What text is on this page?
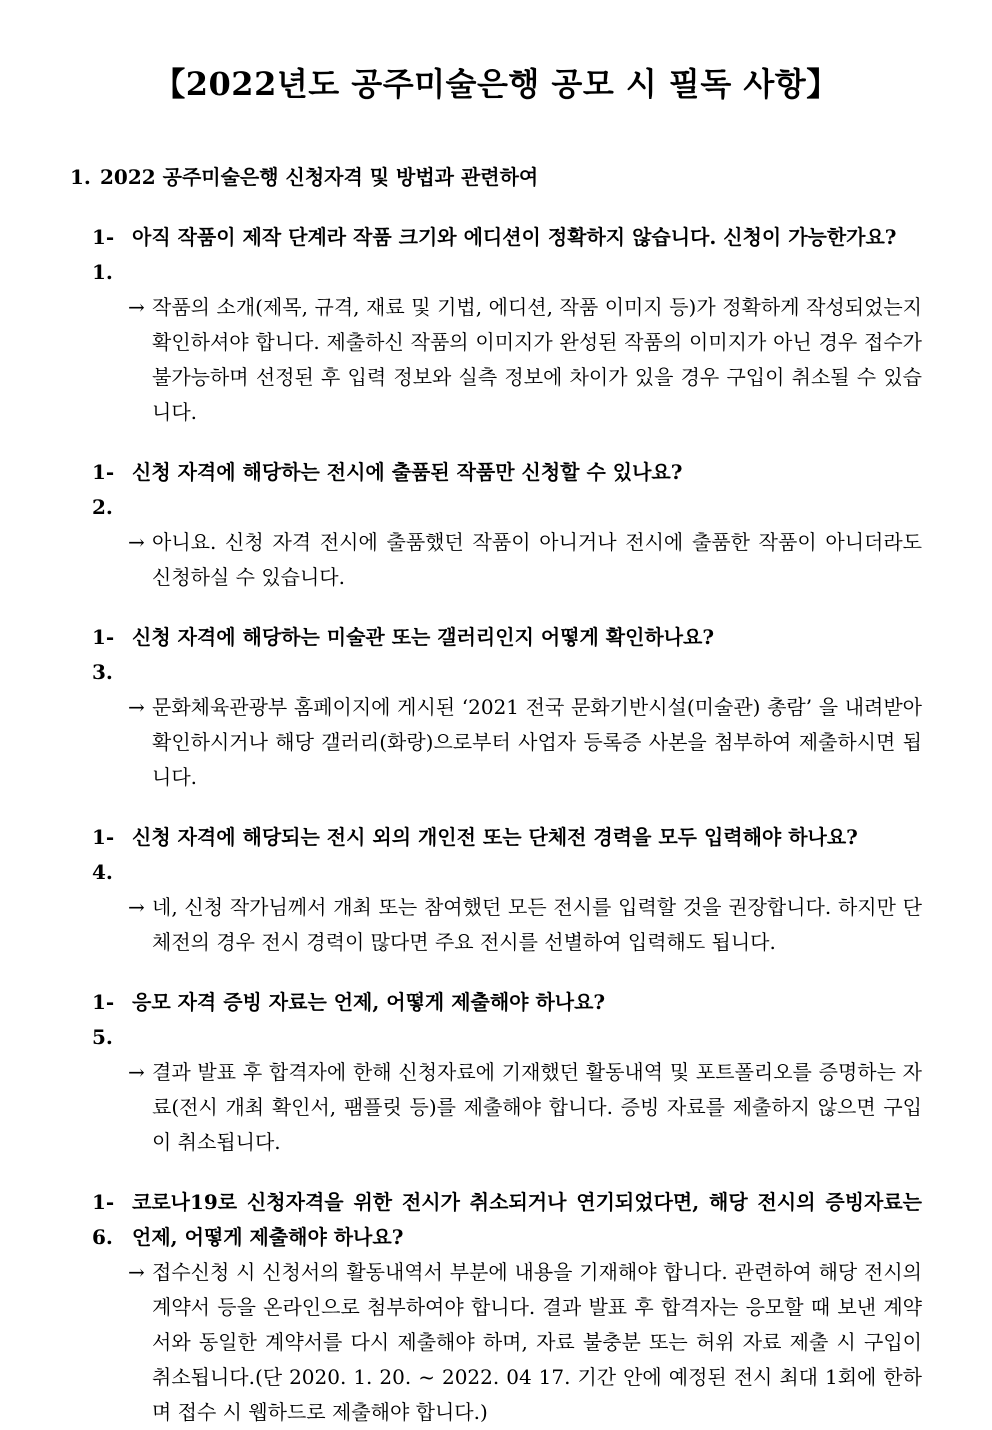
【2022년도 공주미술은행 공모 시 필독 사항】
1. 2022 공주미술은행 신청자격 및 방법과 관련하여
1-1.
아직 작품이 제작 단계라 작품 크기와 에디션이 정확하지 않습니다. 신청이 가능한가요?
→ 작품의 소개(제목, 규격, 재료 및 기법, 에디션, 작품 이미지 등)가 정확하게 작성되었는지 확인하셔야 합니다. 제출하신 작품의 이미지가 완성된 작품의 이미지가 아닌 경우 접수가 불가능하며 선정된 후 입력 정보와 실측 정보에 차이가 있을 경우 구입이 취소될 수 있습니다.
1-2.
신청 자격에 해당하는 전시에 출품된 작품만 신청할 수 있나요?
→ 아니요. 신청 자격 전시에 출품했던 작품이 아니거나 전시에 출품한 작품이 아니더라도 신청하실 수 있습니다.
1-3.
신청 자격에 해당하는 미술관 또는 갤러리인지 어떻게 확인하나요?
→ 문화체육관광부 홈페이지에 게시된 ‘2021 전국 문화기반시설(미술관) 총람’ 을 내려받아 확인하시거나 해당 갤러리(화랑)으로부터 사업자 등록증 사본을 첨부하여 제출하시면 됩니다.
1-4.
신청 자격에 해당되는 전시 외의 개인전 또는 단체전 경력을 모두 입력해야 하나요?
→ 네, 신청 작가님께서 개최 또는 참여했던 모든 전시를 입력할 것을 권장합니다. 하지만 단체전의 경우 전시 경력이 많다면 주요 전시를 선별하여 입력해도 됩니다.
1-5.
응모 자격 증빙 자료는 언제, 어떻게 제출해야 하나요?
→ 결과 발표 후 합격자에 한해 신청자료에 기재했던 활동내역 및 포트폴리오를 증명하는 자료(전시 개최 확인서, 팸플릿 등)를 제출해야 합니다. 증빙 자료를 제출하지 않으면 구입이 취소됩니다.
1-6.
코로나19로 신청자격을 위한 전시가 취소되거나 연기되었다면, 해당 전시의 증빙자료는 언제, 어떻게 제출해야 하나요?
→ 접수신청 시 신청서의 활동내역서 부분에 내용을 기재해야 합니다. 관련하여 해당 전시의 계약서 등을 온라인으로 첨부하여야 합니다. 결과 발표 후 합격자는 응모할 때 보낸 계약서와 동일한 계약서를 다시 제출해야 하며, 자료 불충분 또는 허위 자료 제출 시 구입이 취소됩니다.(단 2020. 1. 20. ~ 2022. 04 17. 기간 안에 예정된 전시 최대 1회에 한하며 접수 시 웹하드로 제출해야 합니다.)
